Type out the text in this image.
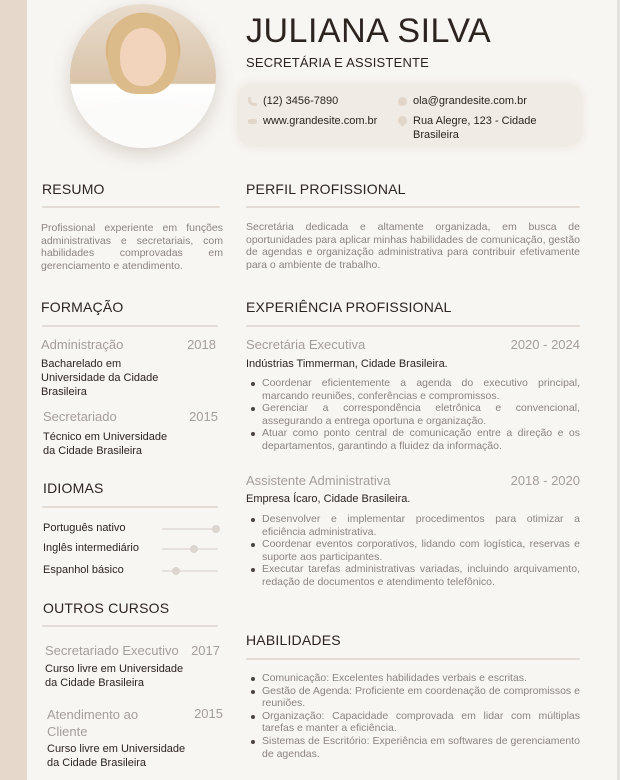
JULIANA SILVA
SECRETÁRIA E ASSISTENTE
(12) 3456-7890	ola@grandesite.com.br
www.grandesite.com.br	Rua Alegre, 123 - Cidade
Brasileira
RESUMO
Profissional experiente em funções administrativas e secretariais, com habilidades comprovadas em gerenciamento e atendimento.
FORMAÇÃO
Administração	2018
Bacharelado em
Universidade da Cidade
Brasileira
Secretariado	2015
Técnico em Universidade
da Cidade Brasileira
IDIOMAS
Português nativo
Inglês intermediário
Espanhol básico
OUTROS CURSOS
Secretariado Executivo 2017
Curso livre em Universidade
da Cidade Brasileira
Atendimento ao
Cliente
2015
Curso livre em Universidade
da Cidade Brasileira
PERFIL PROFISSIONAL
Secretária dedicada e altamente organizada, em busca de oportunidades para aplicar minhas habilidades de comunicação, gestão de agendas e organização administrativa para contribuir efetivamente para o ambiente de trabalho.
EXPERIÊNCIA PROFISSIONAL
Secretária Executiva	2020 - 2024
Indústrias Timmerman, Cidade Brasileira.
Coordenar eficientemente a agenda do executivo principal, marcando reuniões, conferências e compromissos.
Gerenciar a correspondência eletrônica e convencional, assegurando a entrega oportuna e organização.
Atuar como ponto central de comunicação entre a direção e os departamentos, garantindo a fluidez da informação.
Assistente Administrativa	2018 - 2020
Empresa Ícaro, Cidade Brasileira.
Desenvolver e implementar procedimentos para otimizar a eficiência administrativa.
Coordenar eventos corporativos, lidando com logística, reservas e suporte aos participantes.
Executar tarefas administrativas variadas, incluindo arquivamento, redação de documentos e atendimento telefônico.
HABILIDADES
Comunicação: Excelentes habilidades verbais e escritas.
Gestão de Agenda: Proficiente em coordenação de compromissos e reuniões.
Organização: Capacidade comprovada em lidar com múltiplas tarefas e manter a eficiência.
Sistemas de Escritório: Experiência em softwares de gerenciamento de agendas.
